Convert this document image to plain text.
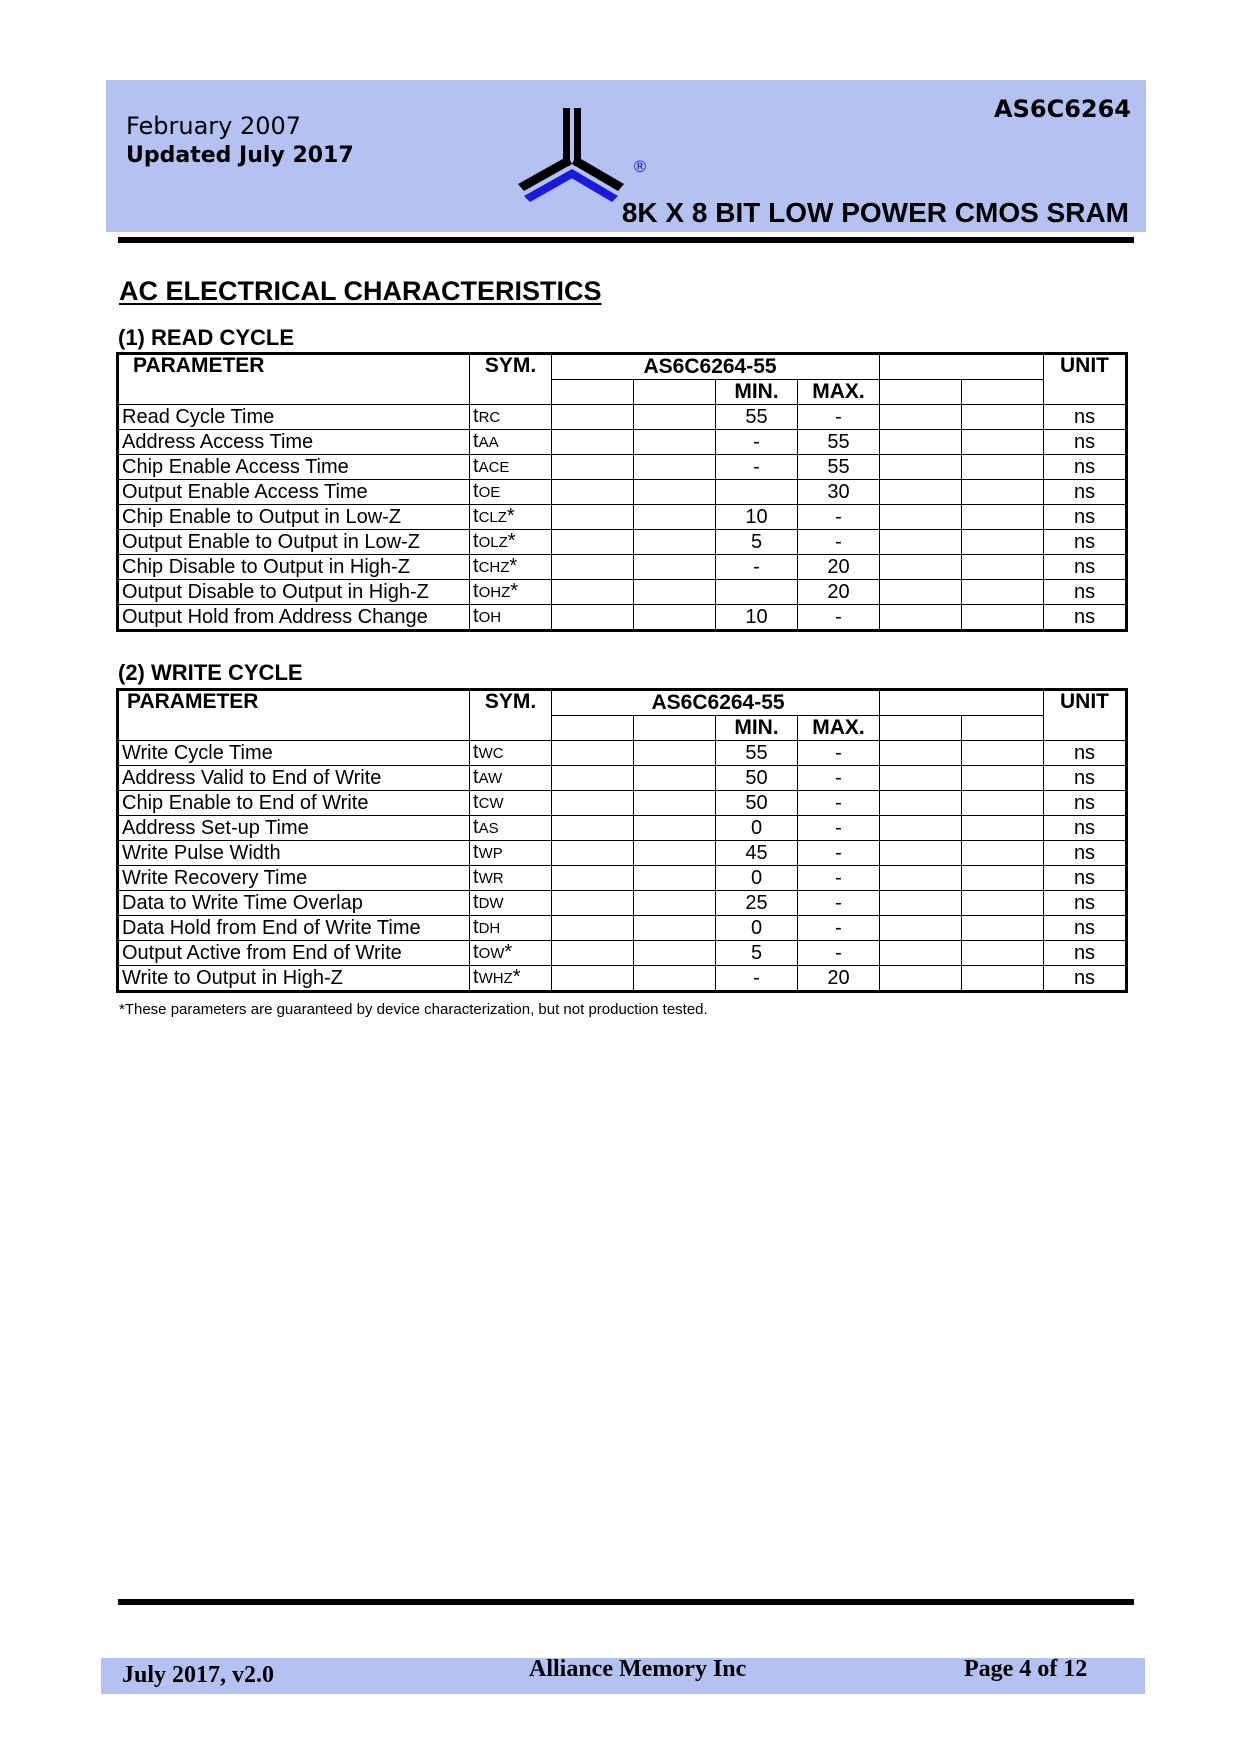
February 2007
Updated July 2017
AS6C6264
8K X 8 BIT LOW POWER CMOS SRAM
®
AC ELECTRICAL CHARACTERISTICS
(1) READ CYCLE
PARAMETER	SYM.		AS6C6264-55					UNIT	
				MIN.	MAX.				
Read Cycle Time	tRC			55	-			ns	
Address Access Time	tAA			-	55			ns	
Chip Enable Access Time	tACE			-	55			ns	
Output Enable Access Time	tOE				30			ns	
Chip Enable to Output in Low-Z	tCLZ*			10	-			ns	
Output Enable to Output in Low-Z	tOLZ*			5	-			ns	
Chip Disable to Output in High-Z	tCHZ*			-	20			ns	
Output Disable to Output in High-Z	tOHZ*				20			ns	
Output Hold from Address Change	tOH			10	-			ns	
(2) WRITE CYCLE
PARAMETER	SYM.		AS6C6264-55					UNIT	
				MIN.	MAX.				
Write Cycle Time	tWC			55	-			ns	
Address Valid to End of Write	tAW			50	-			ns	
Chip Enable to End of Write	tCW			50	-			ns	
Address Set-up Time	tAS			0	-			ns	
Write Pulse Width	tWP			45	-			ns	
Write Recovery Time	tWR			0	-			ns	
Data to Write Time Overlap	tDW			25	-			ns	
Data Hold from End of Write Time	tDH			0	-			ns	
Output Active from End of Write	tOW*			5	-			ns	
Write to Output in High-Z	tWHZ*			-	20			ns	
*These parameters are guaranteed by device characterization, but not production tested.
July 2017, v2.0	Alliance Memory Inc	Page 4 of 12
